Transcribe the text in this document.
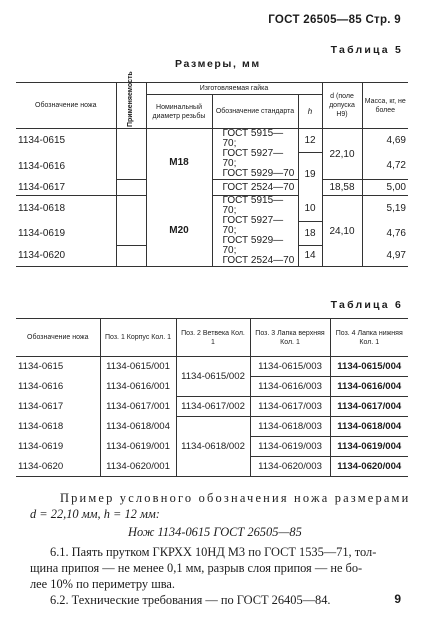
ГОСТ 26505—85 Стр. 9
Таблица 5
Размеры, мм
Обозначение ножа	Применяемость	Изготовляемая гайка			d (поле допуска H9)	Масса, кг, не более
		Номинальный диаметр резьбы	Обозначение стандарта	h		
1134-0615		M18	ГОСТ 5915—70;
ГОСТ 5927—70;
ГОСТ 5929—70	12	22,10	4,69
1134-0616				19		4,72
1134-0617			ГОСТ 2524—70		18,58	5,00
1134-0618		M20	ГОСТ 5915—70;
ГОСТ 5927—70;
ГОСТ 5929—70;
ГОСТ 2524—70	10	24,10	5,19
1134-0619				18		4,76
1134-0620				14		4,97
Таблица 6
Обозначение ножа	Поз. 1 Корпус Кол. 1	Поз. 2 Ветвека Кол. 1	Поз. 3 Лапка верхняя Кол. 1	Поз. 4 Лапка нижняя Кол. 1
1134-0615	1134-0615/001	1134-0615/002	1134-0615/003	1134-0615/004
1134-0616	1134-0616/001		1134-0616/003	1134-0616/004
1134-0617	1134-0617/001	1134-0617/002	1134-0617/003	1134-0617/004
1134-0618	1134-0618/004	1134-0618/002	1134-0618/003	1134-0618/004
1134-0619	1134-0619/001		1134-0619/003	1134-0619/004
1134-0620	1134-0620/001		1134-0620/003	1134-0620/004
Пример условного обозначения ножа размерами
d = 22,10 мм, h = 12 мм:
Нож 1134-0615 ГОСТ 26505—85
6.1. Паять прутком ГКРХХ 10НД М3 по ГОСТ 1535—71, тол-
щина припоя — не менее 0,1 мм, разрыв слоя припоя — не бо-
лее 10% по периметру шва.
6.2. Технические требования — по ГОСТ 26405—84.	9
